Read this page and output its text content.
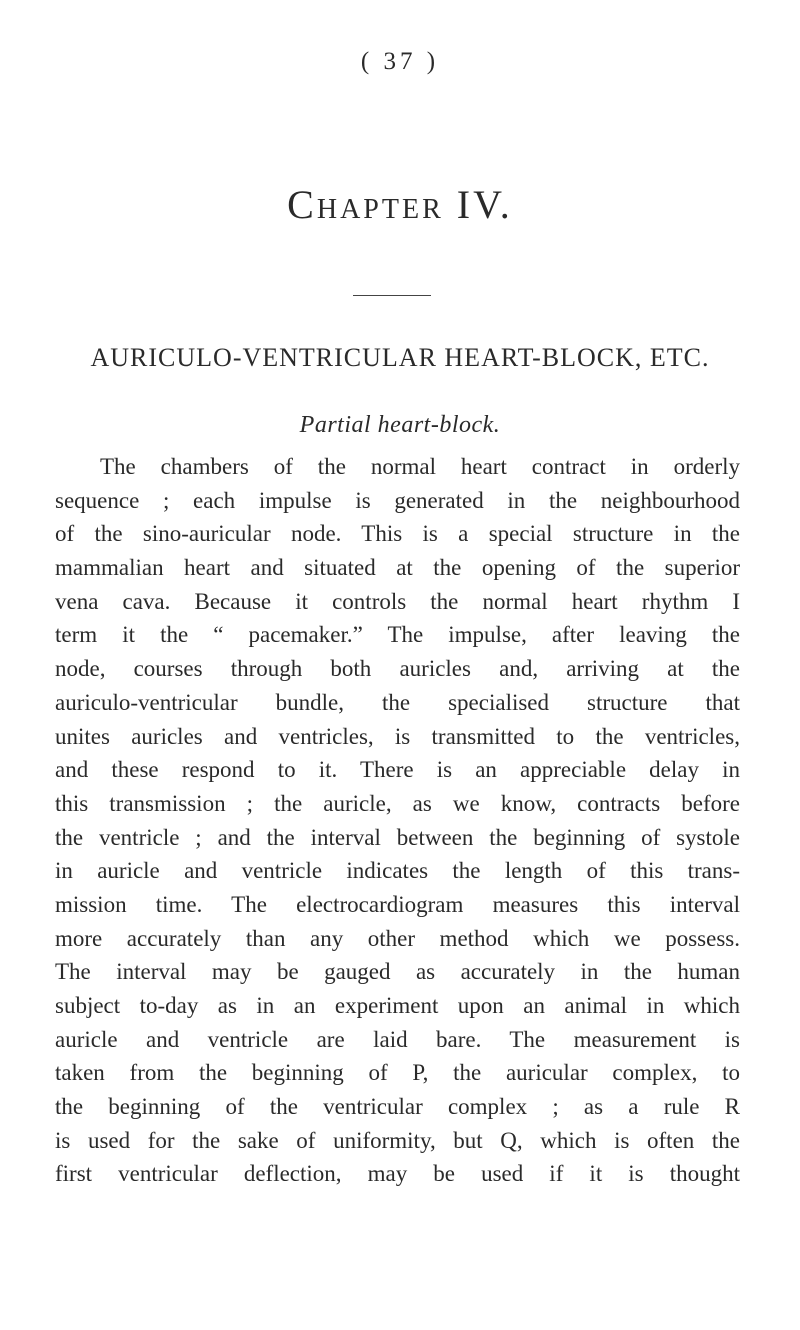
( 37 )
Chapter IV.
AURICULO-VENTRICULAR HEART-BLOCK, ETC.
Partial heart-block.
The chambers of the normal heart contract in orderly
sequence ; each impulse is generated in the neighbourhood
of the sino-auricular node. This is a special structure in the
mammalian heart and situated at the opening of the superior
vena cava. Because it controls the normal heart rhythm I
term it the “ pacemaker.” The impulse, after leaving the
node, courses through both auricles and, arriving at the
auriculo-ventricular bundle, the specialised structure that
unites auricles and ventricles, is transmitted to the ventricles,
and these respond to it. There is an appreciable delay in
this transmission ; the auricle, as we know, contracts before
the ventricle ; and the interval between the beginning of systole
in auricle and ventricle indicates the length of this trans-
mission time. The electrocardiogram measures this interval
more accurately than any other method which we possess.
The interval may be gauged as accurately in the human
subject to-day as in an experiment upon an animal in which
auricle and ventricle are laid bare. The measurement is
taken from the beginning of P, the auricular complex, to
the beginning of the ventricular complex ; as a rule R
is used for the sake of uniformity, but Q, which is often the
first ventricular deflection, may be used if it is thought
